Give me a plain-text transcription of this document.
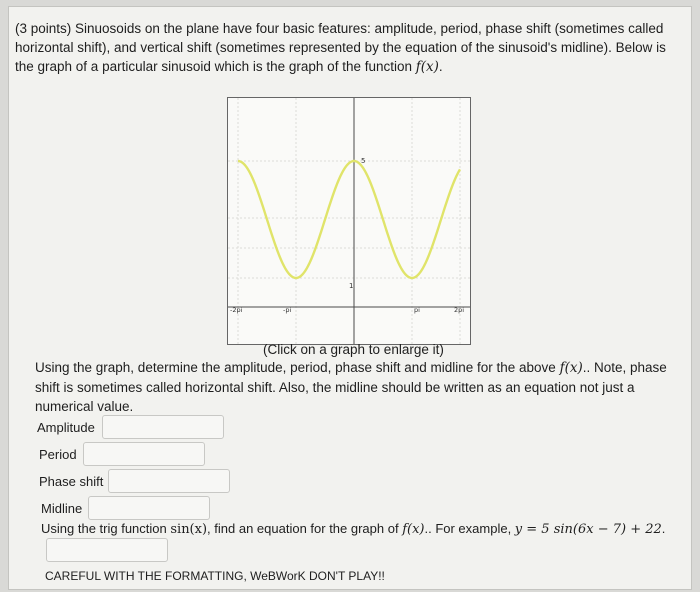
(3 points) Sinuosoids on the plane have four basic features: amplitude, period, phase shift (sometimes called horizontal shift), and vertical shift (sometimes represented by the equation of the sinusoid's midline). Below is the graph of a particular sinusoid which is the graph of the function f(x).
5
1
-2pi	-pi	pi	2pi
(Click on a graph to enlarge it)
Using the graph, determine the amplitude, period, phase shift and midline for the above f(x).. Note, phase shift is sometimes called horizontal shift. Also, the midline should be written as an equation not just a numerical value.
Amplitude
Period
Phase shift
Midline
Using the trig function sin(x), find an equation for the graph of f(x).. For example, y = 5 sin(6x − 7) + 22.
CAREFUL WITH THE FORMATTING, WeBWorK DON'T PLAY!!
